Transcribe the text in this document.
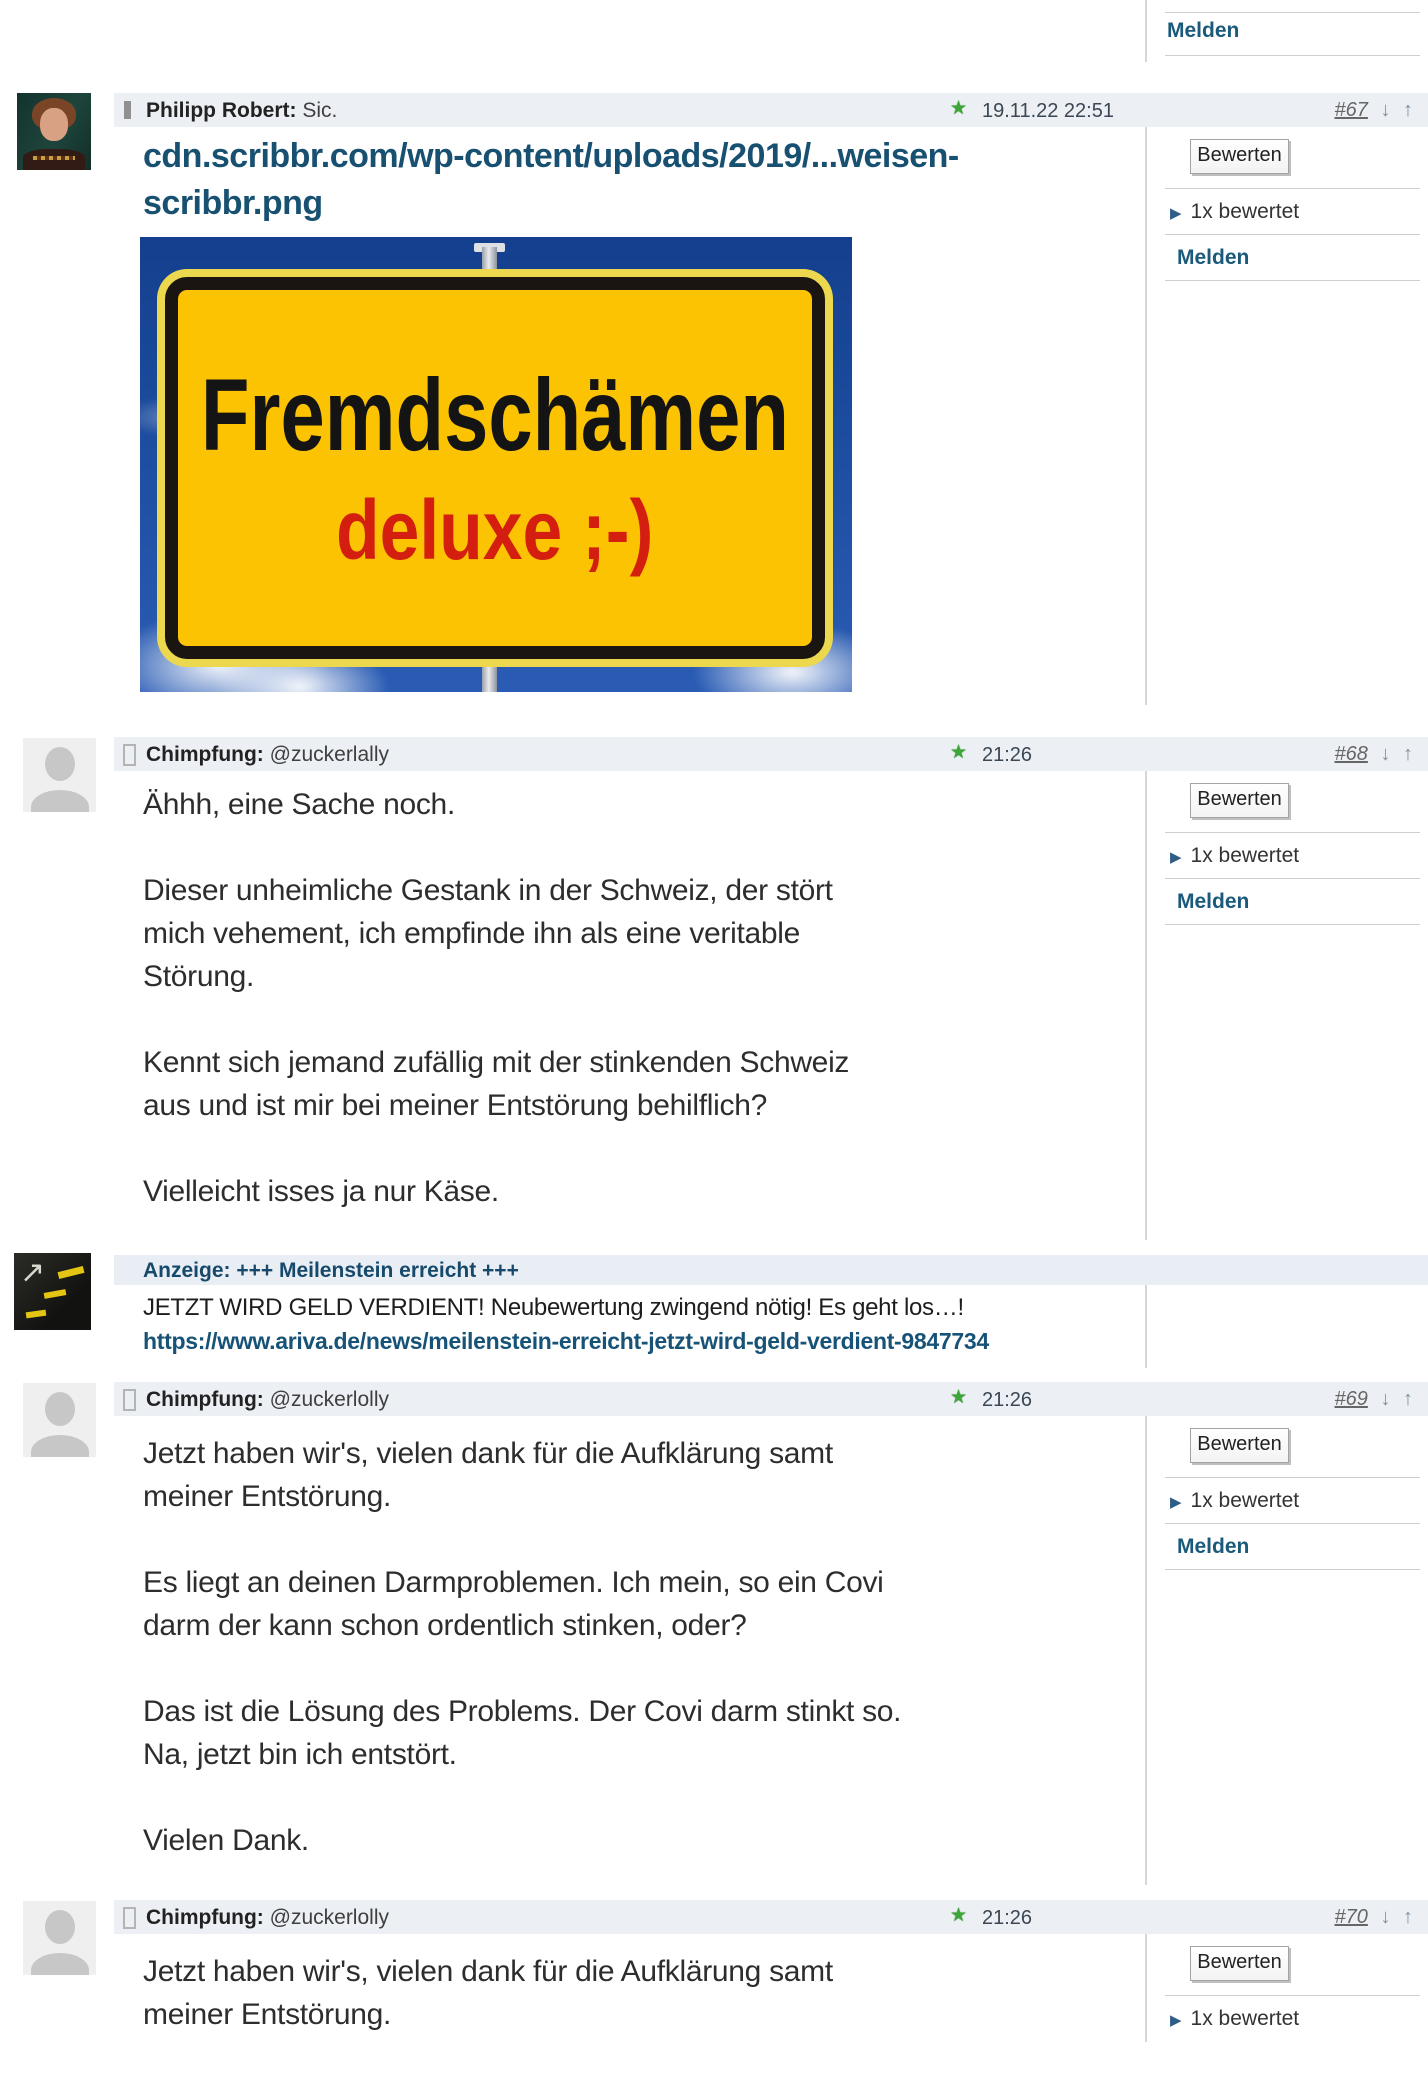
Melden
Philipp Robert: Sic.	★ 19.11.22 22:51	#67 ↓ ↑
cdn.scribbr.com/wp-content/uploads/2019/...weisen-
scribbr.png
Fremdschämen
deluxe ;-)
Bewerten
▶ 1x bewertet
Melden
Chimpfung: @zuckerlally	★ 21:26	#68 ↓ ↑
Ähhh, eine Sache noch.
Dieser unheimliche Gestank in der Schweiz, der stört
mich vehement, ich empfinde ihn als eine veritable
Störung.
Kennt sich jemand zufällig mit der stinkenden Schweiz
aus und ist mir bei meiner Entstörung behilflich?
Vielleicht isses ja nur Käse.
Bewerten
▶ 1x bewertet
Melden
↗	Anzeige: +++ Meilenstein erreicht +++
JETZT WIRD GELD VERDIENT! Neubewertung zwingend nötig! Es geht los…!
https://www.ariva.de/news/meilenstein-erreicht-jetzt-wird-geld-verdient-9847734
Chimpfung: @zuckerlolly	★ 21:26	#69 ↓ ↑
Jetzt haben wir's, vielen dank für die Aufklärung samt
meiner Entstörung.
Es liegt an deinen Darmproblemen. Ich mein, so ein Covi
darm der kann schon ordentlich stinken, oder?
Das ist die Lösung des Problems. Der Covi darm stinkt so.
Na, jetzt bin ich entstört.
Vielen Dank.
Bewerten
▶ 1x bewertet
Melden
Chimpfung: @zuckerlolly	★ 21:26	#70 ↓ ↑
Jetzt haben wir's, vielen dank für die Aufklärung samt
meiner Entstörung.
Bewerten
▶ 1x bewertet
